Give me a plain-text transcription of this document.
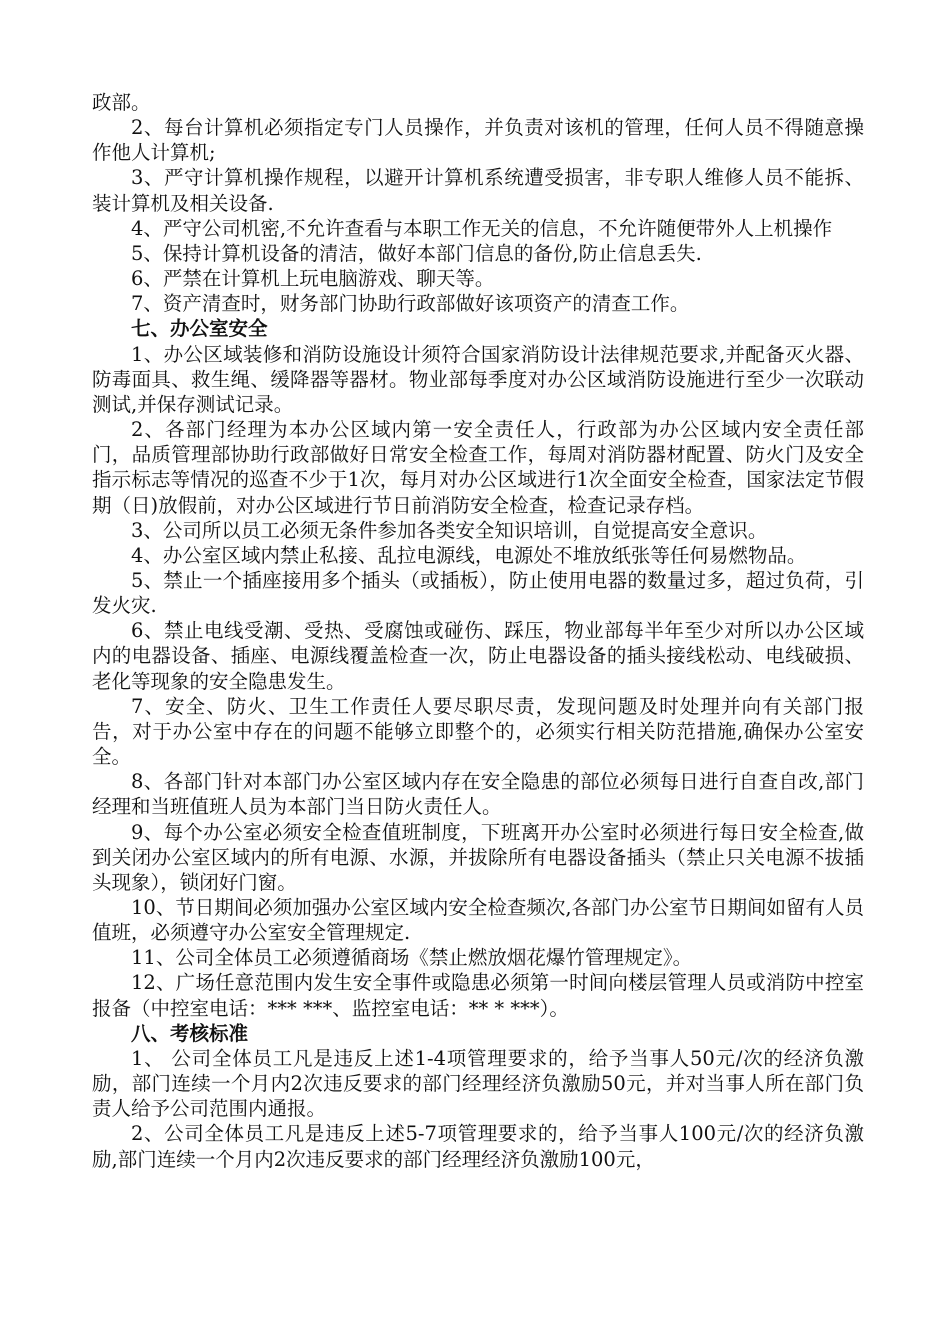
政部。

2、每台计算机必须指定专门人员操作，并负责对该机的管理，任何人员不得随意操作他人计算机;

3、严守计算机操作规程，以避开计算机系统遭受损害，非专职人维修人员不能拆、装计算机及相关设备.

4、严守公司机密,不允许查看与本职工作无关的信息，不允许随便带外人上机操作

5、保持计算机设备的清洁，做好本部门信息的备份,防止信息丢失.

6、严禁在计算机上玩电脑游戏、聊天等。

7、资产清查时，财务部门协助行政部做好该项资产的清查工作。

七、办公室安全

1、办公区域装修和消防设施设计须符合国家消防设计法律规范要求,并配备灭火器、防毒面具、救生绳、缓降器等器材。物业部每季度对办公区域消防设施进行至少一次联动测试,并保存测试记录。

2、各部门经理为本办公区域内第一安全责任人，行政部为办公区域内安全责任部门，品质管理部协助行政部做好日常安全检查工作，每周对消防器材配置、防火门及安全指示标志等情况的巡查不少于1次，每月对办公区域进行1次全面安全检查，国家法定节假期（日)放假前，对办公区域进行节日前消防安全检查，检查记录存档。

3、公司所以员工必须无条件参加各类安全知识培训，自觉提高安全意识。

4、办公室区域内禁止私接、乱拉电源线，电源处不堆放纸张等任何易燃物品。

5、禁止一个插座接用多个插头（或插板），防止使用电器的数量过多，超过负荷，引发火灾.

6、禁止电线受潮、受热、受腐蚀或碰伤、踩压，物业部每半年至少对所以办公区域内的电器设备、插座、电源线覆盖检查一次，防止电器设备的插头接线松动、电线破损、老化等现象的安全隐患发生。

7、安全、防火、卫生工作责任人要尽职尽责，发现问题及时处理并向有关部门报告，对于办公室中存在的问题不能够立即整个的，必须实行相关防范措施,确保办公室安全。

8、各部门针对本部门办公室区域内存在安全隐患的部位必须每日进行自查自改,部门经理和当班值班人员为本部门当日防火责任人。

9、每个办公室必须安全检查值班制度，下班离开办公室时必须进行每日安全检查,做到关闭办公室区域内的所有电源、水源，并拔除所有电器设备插头（禁止只关电源不拔插头现象），锁闭好门窗。

10、节日期间必须加强办公室区域内安全检查频次,各部门办公室节日期间如留有人员值班，必须遵守办公室安全管理规定.

11、公司全体员工必须遵循商场《禁止燃放烟花爆竹管理规定》。

12、广场任意范围内发生安全事件或隐患必须第一时间向楼层管理人员或消防中控室报备（中控室电话：*** ***、监控室电话：** * ***）。

八、考核标准

1、 公司全体员工凡是违反上述1-4项管理要求的，给予当事人50元/次的经济负激励，部门连续一个月内2次违反要求的部门经理经济负激励50元，并对当事人所在部门负责人给予公司范围内通报。

2、公司全体员工凡是违反上述5-7项管理要求的，给予当事人100元/次的经济负激励,部门连续一个月内2次违反要求的部门经理经济负激励100元，
